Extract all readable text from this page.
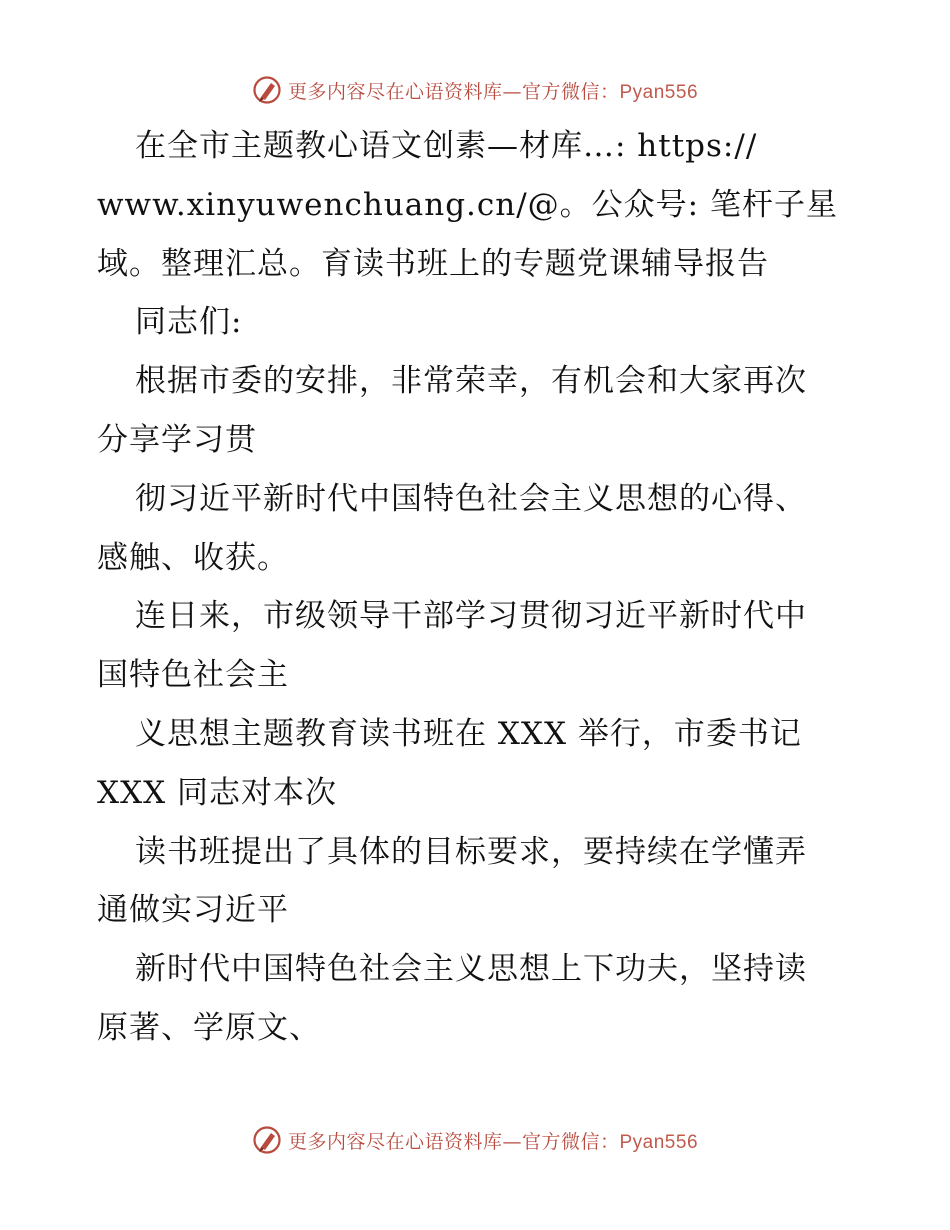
更多内容尽在心语资料库—官方微信：Pyan556
在全市主题教心语文创素—材库…: https://
www.xinyuwenchuang.cn/@。公众号: 笔杆子星
域。整理汇总。育读书班上的专题党课辅导报告
同志们:
根据市委的安排，非常荣幸，有机会和大家再次
分享学习贯
彻习近平新时代中国特色社会主义思想的心得、
感触、收获。
连日来，市级领导干部学习贯彻习近平新时代中
国特色社会主
义思想主题教育读书班在 XXX 举行，市委书记
XXX 同志对本次
读书班提出了具体的目标要求，要持续在学懂弄
通做实习近平
新时代中国特色社会主义思想上下功夫，坚持读
原著、学原文、
更多内容尽在心语资料库—官方微信：Pyan556
